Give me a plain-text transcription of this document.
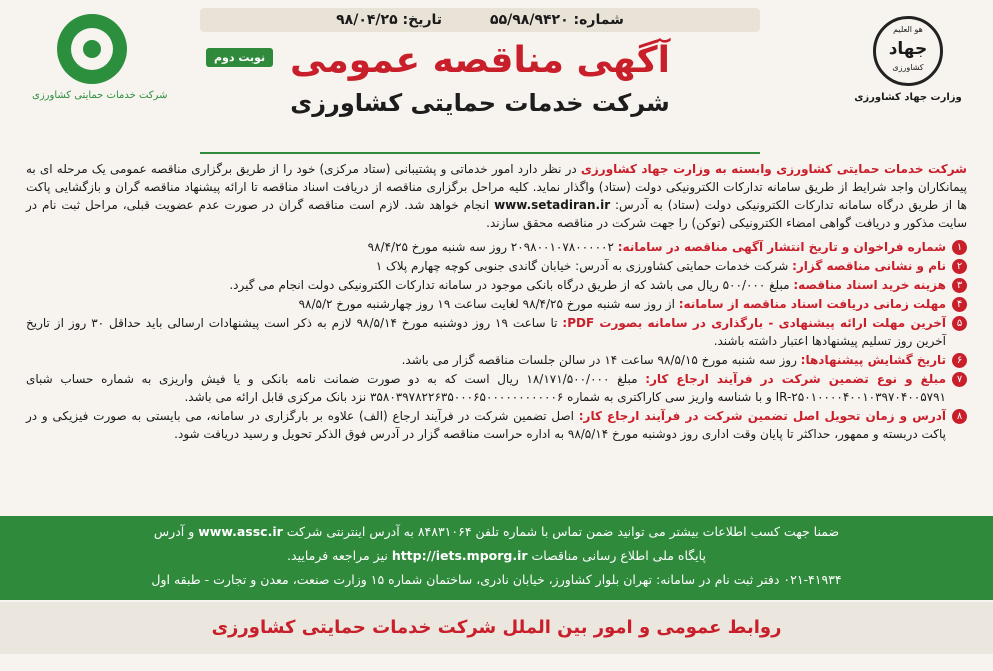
شرکت خدمات حمایتی کشاورزی
هو العلیم
جهاد
کشاورزی
وزارت جهاد کشاورزی
شماره: ۵۵/۹۸/۹۴۲۰
تاریخ: ۹۸/۰۴/۲۵
آگهی مناقصه عمومی
نوبت دوم
شرکت خدمات حمایتی کشاورزی

شرکت خدمات حمایتی کشاورزی وابسته به وزارت جهاد کشاورزی در نظر دارد امور خدماتی و پشتیبانی (ستاد مرکزی) خود را از طریق برگزاری مناقصه عمومی یک مرحله ای به پیمانکاران واجد شرایط از طریق سامانه تدارکات الکترونیکی دولت (ستاد) واگذار نماید. کلیه مراحل برگزاری مناقصه از دریافت اسناد مناقصه تا ارائه پیشنهاد مناقصه گران و بازگشایی پاکت ها از طریق درگاه سامانه تدارکات الکترونیکی دولت (ستاد) به آدرس: www.setadiran.ir انجام خواهد شد. لازم است مناقصه گران در صورت عدم عضویت قبلی، مراحل ثبت نام در سایت مذکور و دریافت گواهی امضاء الکترونیکی (توکن) را جهت شرکت در مناقصه محقق سازند.

۱
شماره فراخوان و تاریخ انتشار آگهی مناقصه در سامانه: ۲۰۹۸۰۰۱۰۷۸۰۰۰۰۰۲ روز سه شنبه مورخ ۹۸/۴/۲۵
۲
نام و نشانی مناقصه گزار: شرکت خدمات حمایتی کشاورزی به آدرس: خیابان گاندی جنوبی کوچه چهارم پلاک ۱
۳
هزینه خرید اسناد مناقصه: مبلغ ۵۰۰/۰۰۰ ریال می باشد که از طریق درگاه بانکی موجود در سامانه تدارکات الکترونیکی دولت انجام می گیرد.
۴
مهلت زمانی دریافت اسناد مناقصه از سامانه: از روز سه شنبه مورخ ۹۸/۴/۲۵ لغایت ساعت ۱۹ روز چهارشنبه مورخ ۹۸/۵/۲
۵
آخرین مهلت ارائه پیشنهادی - بارگذاری در سامانه بصورت PDF: تا ساعت ۱۹ روز دوشنبه مورخ ۹۸/۵/۱۴ لازم به ذکر است پیشنهادات ارسالی باید حداقل ۳۰ روز از تاریخ آخرین روز تسلیم پیشنهادها اعتبار داشته باشند.
۶
تاریخ گشایش پیشنهادها: روز سه شنبه مورخ ۹۸/۵/۱۵ ساعت ۱۴ در سالن جلسات مناقصه گزار می باشد.
۷
مبلغ و نوع تضمین شرکت در فرآیند ارجاع کار: مبلغ ۱۸/۱۷۱/۵۰۰/۰۰۰ ریال است که به دو صورت ضمانت نامه بانکی و یا فیش واریزی به شماره حساب شبای IR-۲۵۰۱۰۰۰۰۴۰۰۱۰۳۹۷۰۴۰۰۵۷۹۱ و با شناسه واریز سی کاراکتری به شماره ۳۵۸۰۳۹۷۸۲۲۶۳۵۰۰۰۶۵۰۰۰۰۰۰۰۰۰۰۰۶ نزد بانک مرکزی قابل ارائه می باشد.
۸
آدرس و زمان تحویل اصل تضمین شرکت در فرآیند ارجاع کار: اصل تضمین شرکت در فرآیند ارجاع (الف) علاوه بر بارگزاری در سامانه، می بایستی به صورت فیزیکی و در پاکت دربسته و ممهور، حداکثر تا پایان وقت اداری روز دوشنبه مورخ ۹۸/۵/۱۴ به اداره حراست مناقصه گزار در آدرس فوق الذکر تحویل و رسید دریافت شود.
ضمنا جهت کسب اطلاعات بیشتر می توانید ضمن تماس با شماره تلفن ۸۴۸۳۱۰۶۴ به آدرس اینترنتی شرکت www.assc.ir و آدرس
پایگاه ملی اطلاع رسانی مناقصات http://iets.mporg.ir نیز مراجعه فرمایید.
۰۲۱-۴۱۹۳۴ دفتر ثبت نام در سامانه: تهران بلوار کشاورز، خیابان نادری، ساختمان شماره ۱۵ وزارت صنعت، معدن و تجارت - طبقه اول
روابط عمومی و امور بین الملل شرکت خدمات حمایتی کشاورزی
